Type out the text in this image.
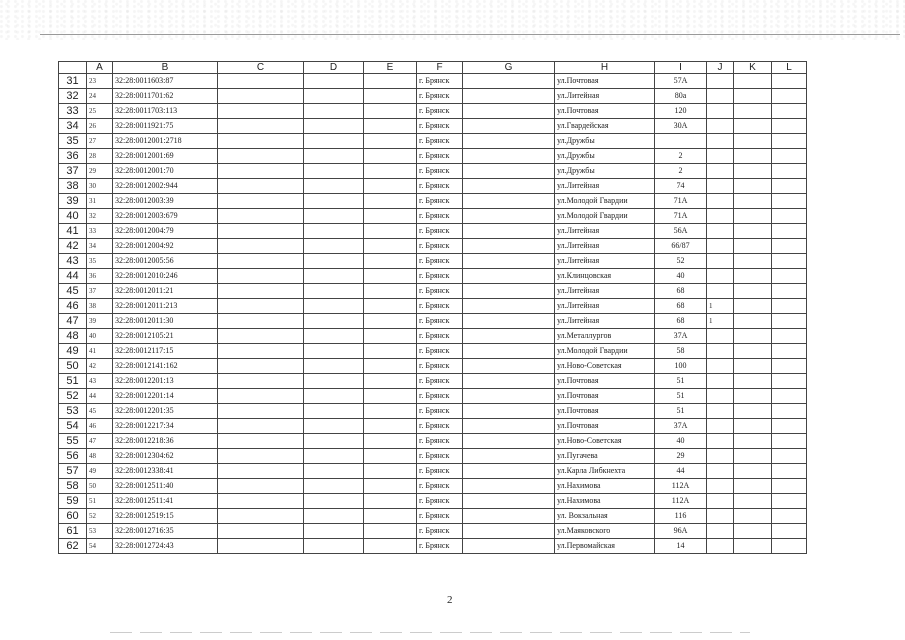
	A	B	C	D	E	F	G	H	I	J	K	L
31	23	32:28:0011603:87				г. Брянск		ул.Почтовая	57А			
32	24	32:28:0011701:62				г. Брянск		ул.Литейная	80а			
33	25	32:28:0011703:113				г. Брянск		ул.Почтовая	120			
34	26	32:28:0011921:75				г. Брянск		ул.Гвардейская	30А			
35	27	32:28:0012001:2718				г. Брянск		ул.Дружбы				
36	28	32:28:0012001:69				г. Брянск		ул.Дружбы	2			
37	29	32:28:0012001:70				г. Брянск		ул.Дружбы	2			
38	30	32:28:0012002:944				г. Брянск		ул.Литейная	74			
39	31	32:28:0012003:39				г. Брянск		ул.Молодой Гвардии	71А			
40	32	32:28:0012003:679				г. Брянск		ул.Молодой Гвардии	71А			
41	33	32:28:0012004:79				г. Брянск		ул.Литейная	56А			
42	34	32:28:0012004:92				г. Брянск		ул.Литейная	66/87			
43	35	32:28:0012005:56				г. Брянск		ул.Литейная	52			
44	36	32:28:0012010:246				г. Брянск		ул.Клинцовская	40			
45	37	32:28:0012011:21				г. Брянск		ул.Литейная	68			
46	38	32:28:0012011:213				г. Брянск		ул.Литейная	68	1		
47	39	32:28:0012011:30				г. Брянск		ул.Литейная	68	1		
48	40	32:28:0012105:21				г. Брянск		ул.Металлургов	37А			
49	41	32:28:0012117:15				г. Брянск		ул.Молодой Гвардии	58			
50	42	32:28:0012141:162				г. Брянск		ул.Ново-Советская	100			
51	43	32:28:0012201:13				г. Брянск		ул.Почтовая	51			
52	44	32:28:0012201:14				г. Брянск		ул.Почтовая	51			
53	45	32:28:0012201:35				г. Брянск		ул.Почтовая	51			
54	46	32:28:0012217:34				г. Брянск		ул.Почтовая	37А			
55	47	32:28:0012218:36				г. Брянск		ул.Ново-Советская	40			
56	48	32:28:0012304:62				г. Брянск		ул.Пугачева	29			
57	49	32:28:0012338:41				г. Брянск		ул.Карла Либкнехта	44			
58	50	32:28:0012511:40				г. Брянск		ул.Нахимова	112А			
59	51	32:28:0012511:41				г. Брянск		ул.Нахимова	112А			
60	52	32:28:0012519:15				г. Брянск		ул. Вокзальная	116			
61	53	32:28:0012716:35				г. Брянск		ул.Маяковского	96А			
62	54	32:28:0012724:43				г. Брянск		ул.Первомайская	14			
2
